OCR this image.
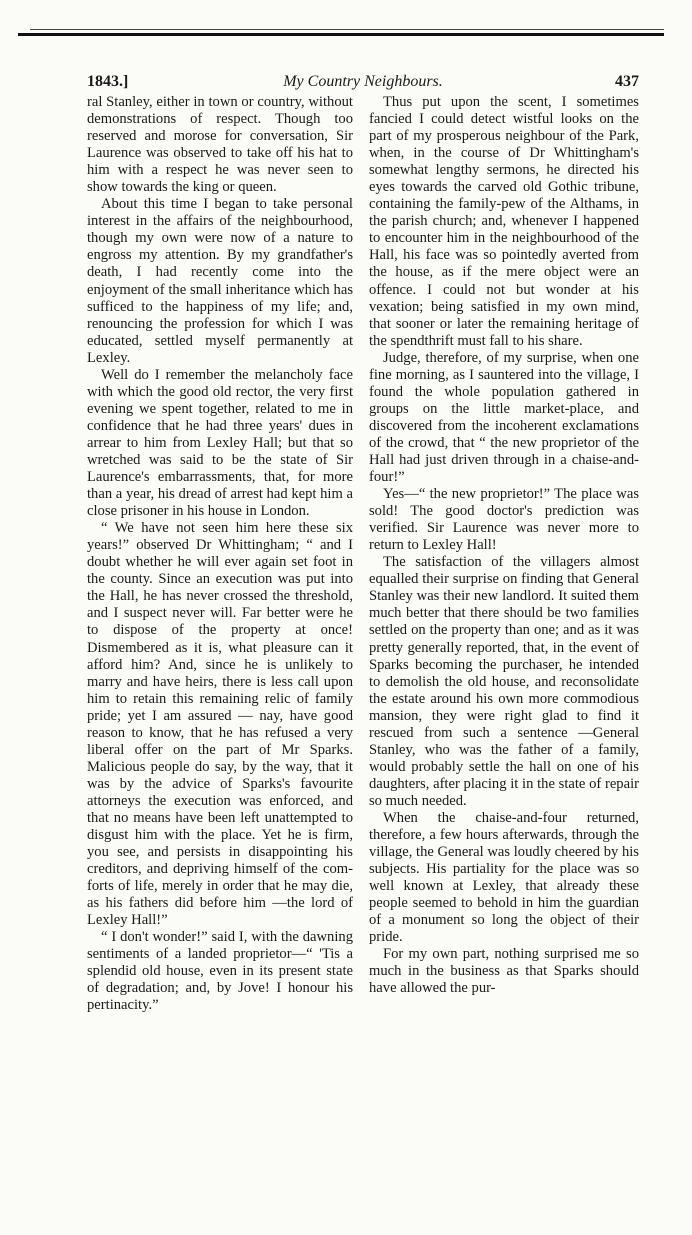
1843.]	My Country Neighbours.	437

ral Stanley, either in town or country, without demonstrations of respect. Though too reserved and morose for conversation, Sir Laurence was observed to take off his hat to him with a respect he was never seen to show towards the king or queen.

About this time I began to take personal interest in the affairs of the neighbourhood, though my own were now of a nature to engross my attention. By my grandfather's death, I had recently come into the enjoyment of the small inheritance which has sufficed to the happiness of my life; and, renouncing the profession for which I was educated, settled myself permanently at Lexley.

Well do I remember the melancholy face with which the good old rector, the very first evening we spent together, related to me in confidence that he had three years' dues in arrear to him from Lexley Hall; but that so wretched was said to be the state of Sir Laurence's embarrassments, that, for more than a year, his dread of arrest had kept him a close prisoner in his house in London.

“ We have not seen him here these six years!” observed Dr Whittingham; “ and I doubt whether he will ever again set foot in the county. Since an execution was put into the Hall, he has never crossed the threshold, and I suspect never will. Far better were he to dispose of the property at once! Dismembered as it is, what pleasure can it afford him? And, since he is unlikely to marry and have heirs, there is less call upon him to retain this remaining relic of family pride; yet I am assured — nay, have good reason to know, that he has refused a very liberal offer on the part of Mr Sparks. Malicious people do say, by the way, that it was by the advice of Sparks's favourite attorneys the execution was enforced, and that no means have been left unattempted to disgust him with the place. Yet he is firm, you see, and persists in disappointing his creditors, and depriving himself of the comforts of life, merely in order that he may die, as his fathers did before him —the lord of Lexley Hall!”

“ I don't wonder!” said I, with the dawning sentiments of a landed proprietor—“ 'Tis a splendid old house, even in its present state of degradation; and, by Jove! I honour his pertinacity.”

Thus put upon the scent, I sometimes fancied I could detect wistful looks on the part of my prosperous neighbour of the Park, when, in the course of Dr Whittingham's somewhat lengthy sermons, he directed his eyes towards the carved old Gothic tribune, containing the family-pew of the Althams, in the parish church; and, whenever I happened to encounter him in the neighbourhood of the Hall, his face was so pointedly averted from the house, as if the mere object were an offence. I could not but wonder at his vexation; being satisfied in my own mind, that sooner or later the remaining heritage of the spendthrift must fall to his share.

Judge, therefore, of my surprise, when one fine morning, as I sauntered into the village, I found the whole population gathered in groups on the little market-place, and discovered from the incoherent exclamations of the crowd, that “ the new proprietor of the Hall had just driven through in a chaise-and-four!”

Yes—“ the new proprietor!” The place was sold! The good doctor's prediction was verified. Sir Laurence was never more to return to Lexley Hall!

The satisfaction of the villagers almost equalled their surprise on finding that General Stanley was their new landlord. It suited them much better that there should be two families settled on the property than one; and as it was pretty generally reported, that, in the event of Sparks becoming the purchaser, he intended to demolish the old house, and reconsolidate the estate around his own more commodious mansion, they were right glad to find it rescued from such a sentence —General Stanley, who was the father of a family, would probably settle the hall on one of his daughters, after placing it in the state of repair so much needed.

When the chaise-and-four returned, therefore, a few hours afterwards, through the village, the General was loudly cheered by his subjects. His partiality for the place was so well known at Lexley, that already these people seemed to behold in him the guardian of a monument so long the object of their pride.

For my own part, nothing surprised me so much in the business as that Sparks should have allowed the pur-
